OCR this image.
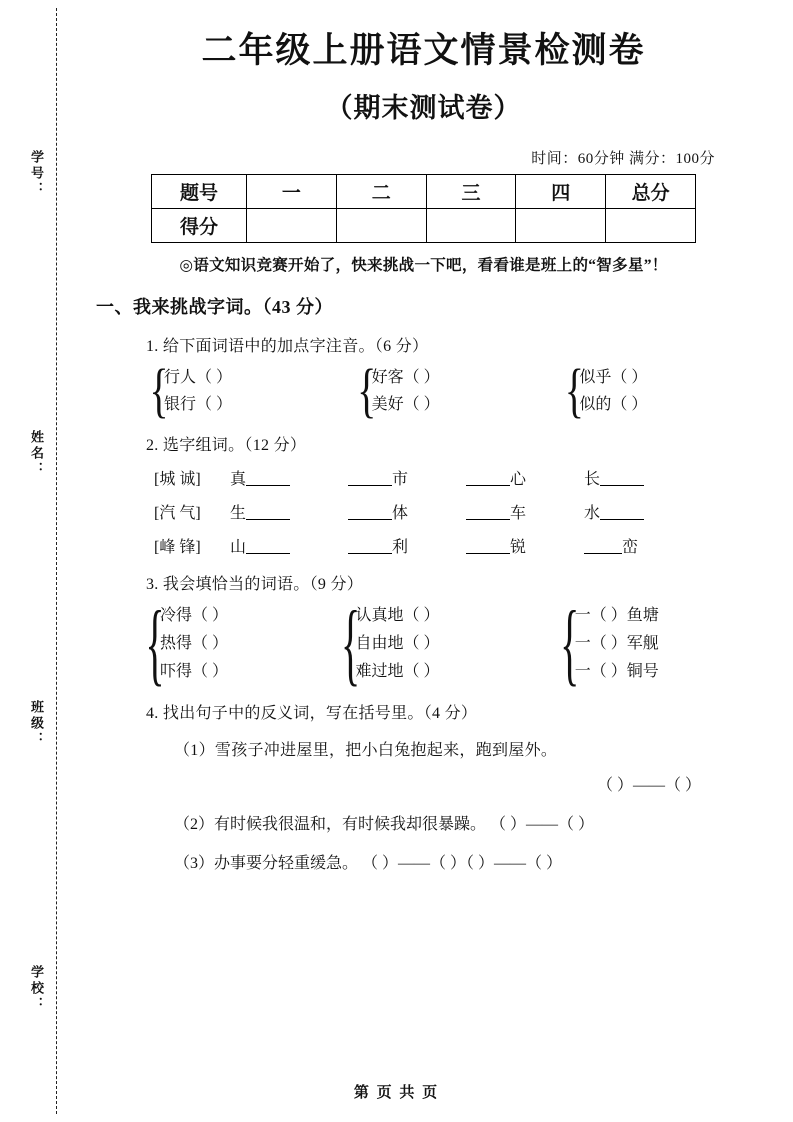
学号：
姓名：
班级：
学校：
二年级上册语文情景检测卷
（期末测试卷）
时间：60分钟 满分：100分
题号	一	二	三	四	总分
得分					
◎语文知识竞赛开始了，快来挑战一下吧，看看谁是班上的“智多星”！
一、我来挑战字词。（43 分）
1. 给下面词语中的加点字注音。（6 分）
{
行人（ ）
银行（ ）	{
好客（ ）
美好（ ）	{
似乎（ ）
似的（ ）
2. 选字组词。（12 分）
[城 诚]	真	市	心	长
[汽 气]	生	体	车	水
[峰 锋]	山	利	锐	峦
3. 我会填恰当的词语。（9 分）
{
冷得（ ）
热得（ ）
吓得（ ）	{
认真地（ ）
自由地（ ）
难过地（ ）	{
一（ ）鱼塘
一（ ）军舰
一（ ）铜号
4. 找出句子中的反义词，写在括号里。（4 分）
（1）雪孩子冲进屋里，把小白兔抱起来，跑到屋外。
（ ）——（ ）
（2）有时候我很温和，有时候我却很暴躁。 （ ）——（ ）
（3）办事要分轻重缓急。 （ ）——（ ）（ ）——（ ）
第 页 共 页
